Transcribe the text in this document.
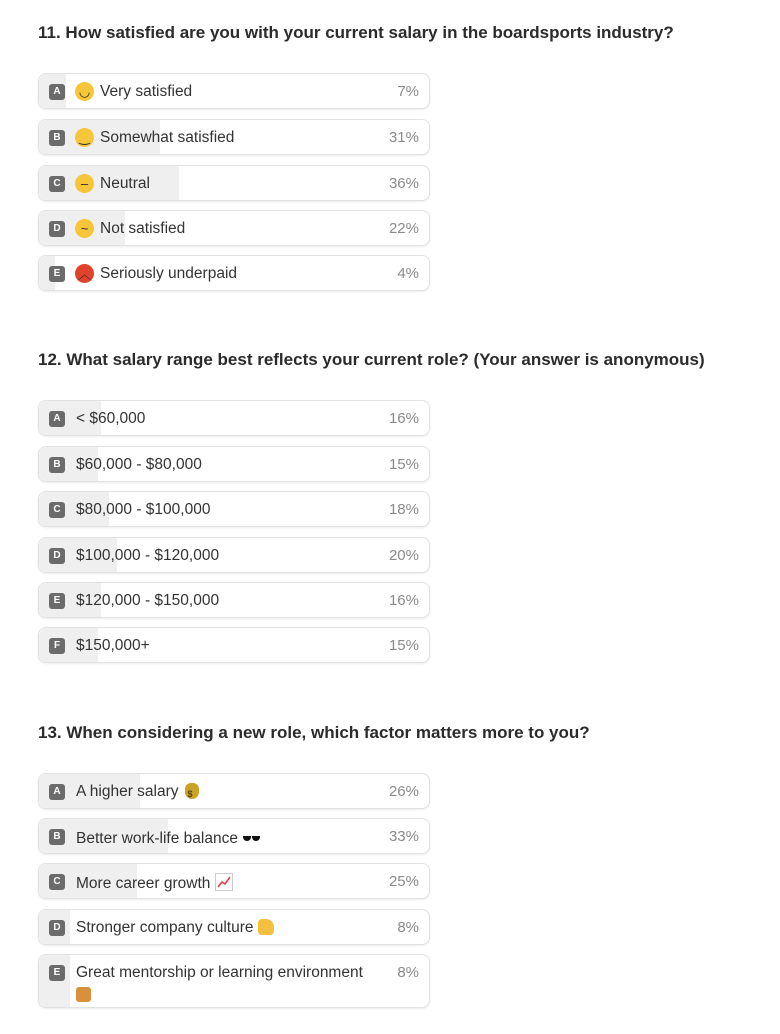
11. How satisfied are you with your current salary in the boardsports industry?
A	◡ Very satisfied	7%
B	‿ Somewhat satisfied	31%
C	– Neutral	36%
D	~ Not satisfied	22%
E	︿ Seriously underpaid	4%
12. What salary range best reflects your current role? (Your answer is anonymous)
A < $60,000	16%
B $60,000 - $80,000	15%
C $80,000 - $100,000	18%
D $100,000 - $120,000	20%
E	$120,000 - $150,000	16%
F	$150,000+	15%
13. When considering a new role, which factor matters more to you?
A A higher salary$	26%
B Better work-life balance	33%
C More career growth	25%
D Stronger company culture	8%
E	Great mentorship or learning environment 8%
